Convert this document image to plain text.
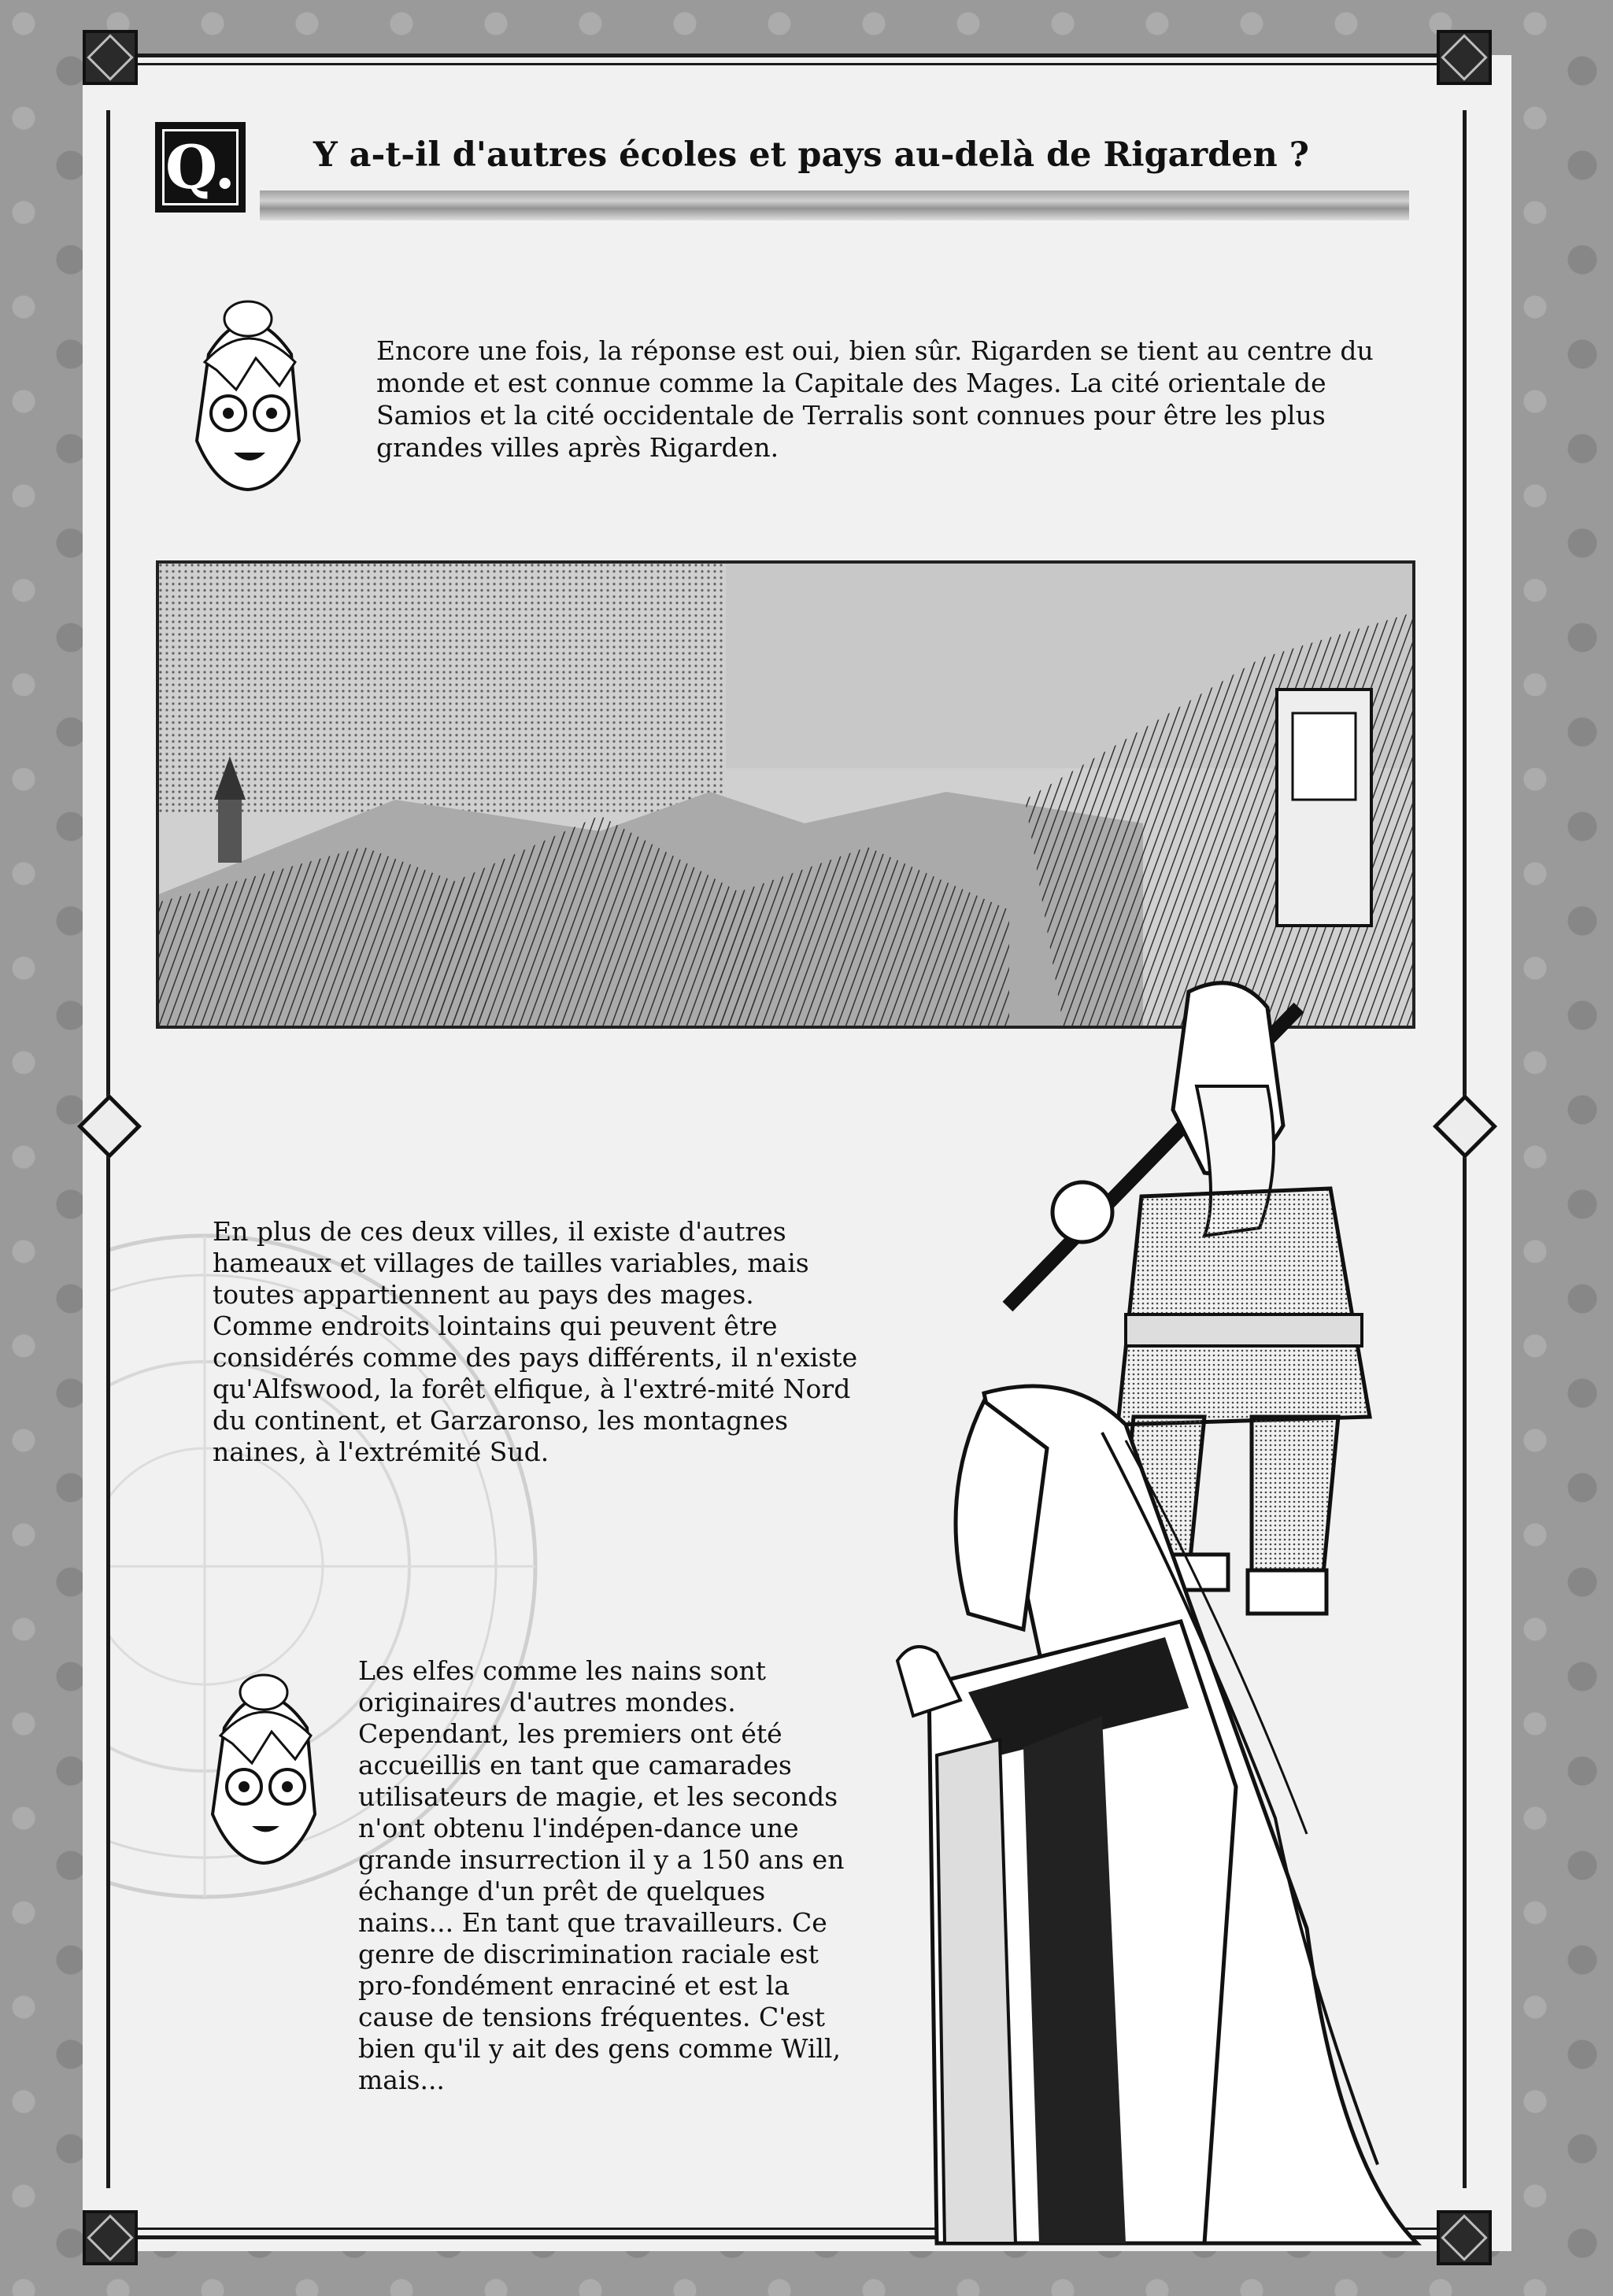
Q.	Y a-t-il d'autres écoles et pays au-delà de Rigarden ?
Encore une fois, la réponse est oui, bien sûr. Rigarden se tient au centre du monde et est connue comme la Capitale des Mages. La cité orientale de Samios et la cité occidentale de Terralis sont connues pour être les plus grandes villes après Rigarden.
En plus de ces deux villes, il existe d'autres hameaux et villages de tailles variables, mais toutes appartiennent au pays des mages. Comme endroits lointains qui peuvent être considérés comme des pays différents, il n'existe qu'Alfswood, la forêt elfique, à l'extré-mité Nord du continent, et Garzaronso, les montagnes naines, à l'extrémité Sud.
Les elfes comme les nains sont originaires d'autres mondes. Cependant, les premiers ont été accueillis en tant que camarades utilisateurs de magie, et les seconds n'ont obtenu l'indépen-dance une grande insurrection il y a 150 ans en échange d'un prêt de quelques nains... En tant que travailleurs. Ce genre de discrimination raciale est pro-fondément enraciné et est la cause de tensions fréquentes. C'est bien qu'il y ait des gens comme Will, mais...
